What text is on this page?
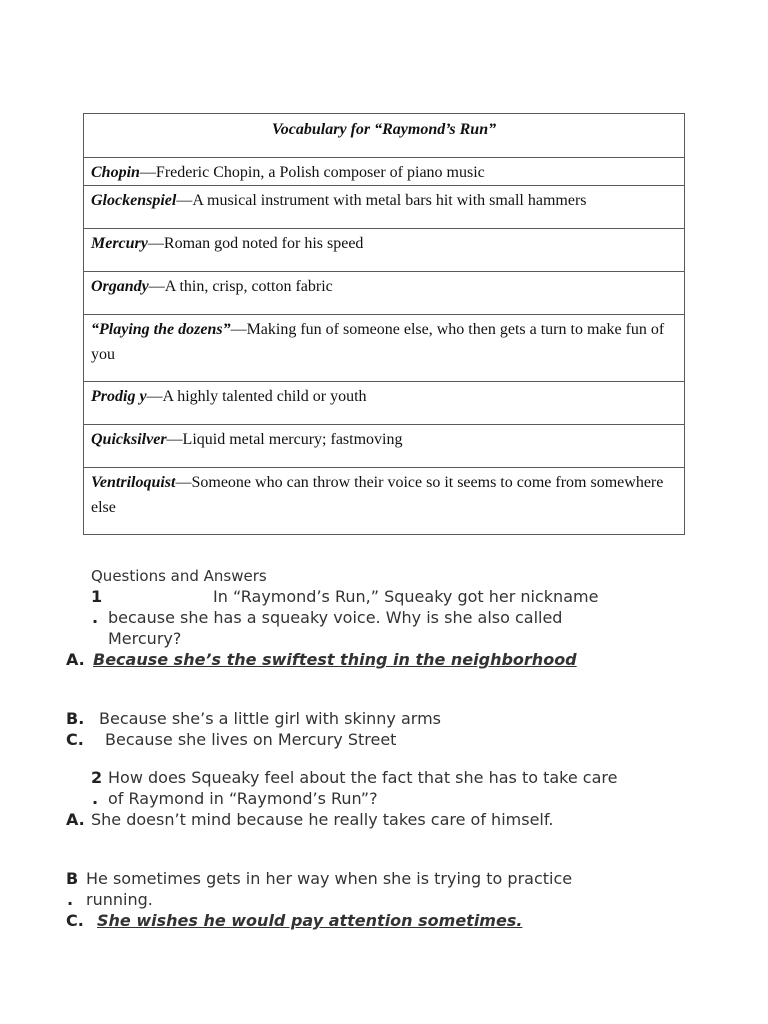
Vocabulary for “Raymond’s Run”
Chopin—Frederic Chopin, a Polish composer of piano music
Glockenspiel—A musical instrument with metal bars hit with small hammers
Mercury—Roman god noted for his speed
Organdy—A thin, crisp, cotton fabric
“Playing the dozens”—Making fun of someone else, who then gets a turn to make fun of you
Prodig y—A highly talented child or youth
Quicksilver—Liquid metal mercury; fastmoving
Ventriloquist—Someone who can throw their voice so it seems to come from somewhere else
Questions and Answers
1	In “Raymond’s Run,” Squeaky got her nickname
. because she has a squeaky voice. Why is she also called
Mercury?
A. Because she’s the swiftest thing in the neighborhood
B. Because she’s a little girl with skinny arms
C. Because she lives on Mercury Street
2 How does Squeaky feel about the fact that she has to take care
. of Raymond in “Raymond’s Run”?
A. She doesn’t mind because he really takes care of himself.
B He sometimes gets in her way when she is trying to practice
. running.
C. She wishes he would pay attention sometimes.
